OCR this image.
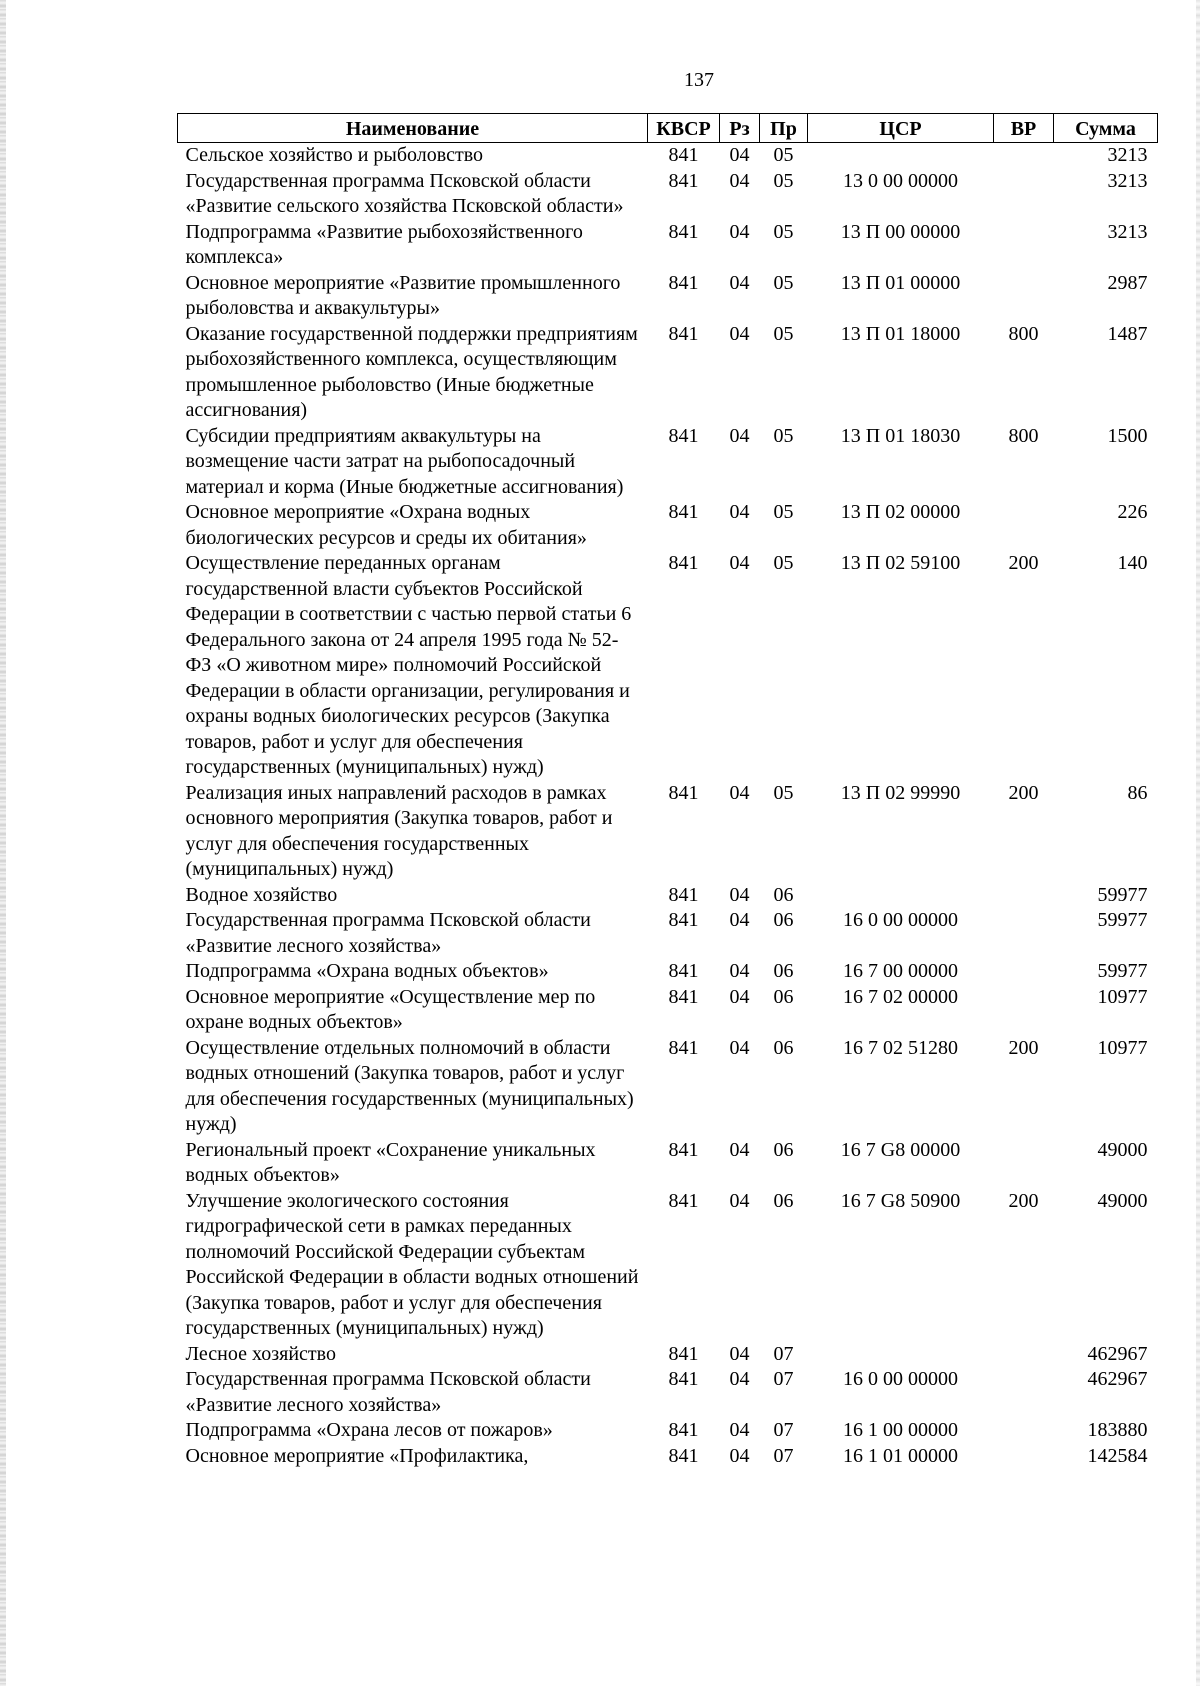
137
Наименование	КВСР	Рз	Пр	ЦСР	ВР	Сумма
Сельское хозяйство и рыболовство	841	04	05			3213
Государственная программа Псковской области «Развитие сельского хозяйства Псковской области»	841	04	05	13 0 00 00000		3213
Подпрограмма «Развитие рыбохозяйственного комплекса»	841	04	05	13 П 00 00000		3213
Основное мероприятие «Развитие промышленного рыболовства и аквакультуры»	841	04	05	13 П 01 00000		2987
Оказание государственной поддержки предприятиям рыбохозяйственного комплекса, осуществляющим промышленное рыболовство (Иные бюджетные ассигнования)	841	04	05	13 П 01 18000	800	1487
Субсидии предприятиям аквакультуры на возмещение части затрат на рыбопосадочный материал и корма (Иные бюджетные ассигнования)	841	04	05	13 П 01 18030	800	1500
Основное мероприятие «Охрана водных биологических ресурсов и среды их обитания»	841	04	05	13 П 02 00000		226
Осуществление переданных органам государственной власти субъектов Российской Федерации в соответствии с частью первой статьи 6 Федерального закона от 24 апреля 1995 года № 52-ФЗ «О животном мире» полномочий Российской Федерации в области организации, регулирования и охраны водных биологических ресурсов (Закупка товаров, работ и услуг для обеспечения государственных (муниципальных) нужд)	841	04	05	13 П 02 59100	200	140
Реализация иных направлений расходов в рамках основного мероприятия (Закупка товаров, работ и услуг для обеспечения государственных (муниципальных) нужд)	841	04	05	13 П 02 99990	200	86
Водное хозяйство	841	04	06			59977
Государственная программа Псковской области «Развитие лесного хозяйства»	841	04	06	16 0 00 00000		59977
Подпрограмма «Охрана водных объектов»	841	04	06	16 7 00 00000		59977
Основное мероприятие «Осуществление мер по охране водных объектов»	841	04	06	16 7 02 00000		10977
Осуществление отдельных полномочий в области водных отношений (Закупка товаров, работ и услуг для обеспечения государственных (муниципальных) нужд)	841	04	06	16 7 02 51280	200	10977
Региональный проект «Сохранение уникальных водных объектов»	841	04	06	16 7 G8 00000		49000
Улучшение экологического состояния гидрографической сети в рамках переданных полномочий Российской Федерации субъектам Российской Федерации в области водных отношений (Закупка товаров, работ и услуг для обеспечения государственных (муниципальных) нужд)	841	04	06	16 7 G8 50900	200	49000
Лесное хозяйство	841	04	07			462967
Государственная программа Псковской области «Развитие лесного хозяйства»	841	04	07	16 0 00 00000		462967
Подпрограмма «Охрана лесов от пожаров»	841	04	07	16 1 00 00000		183880
Основное мероприятие «Профилактика,	841	04	07	16 1 01 00000		142584
